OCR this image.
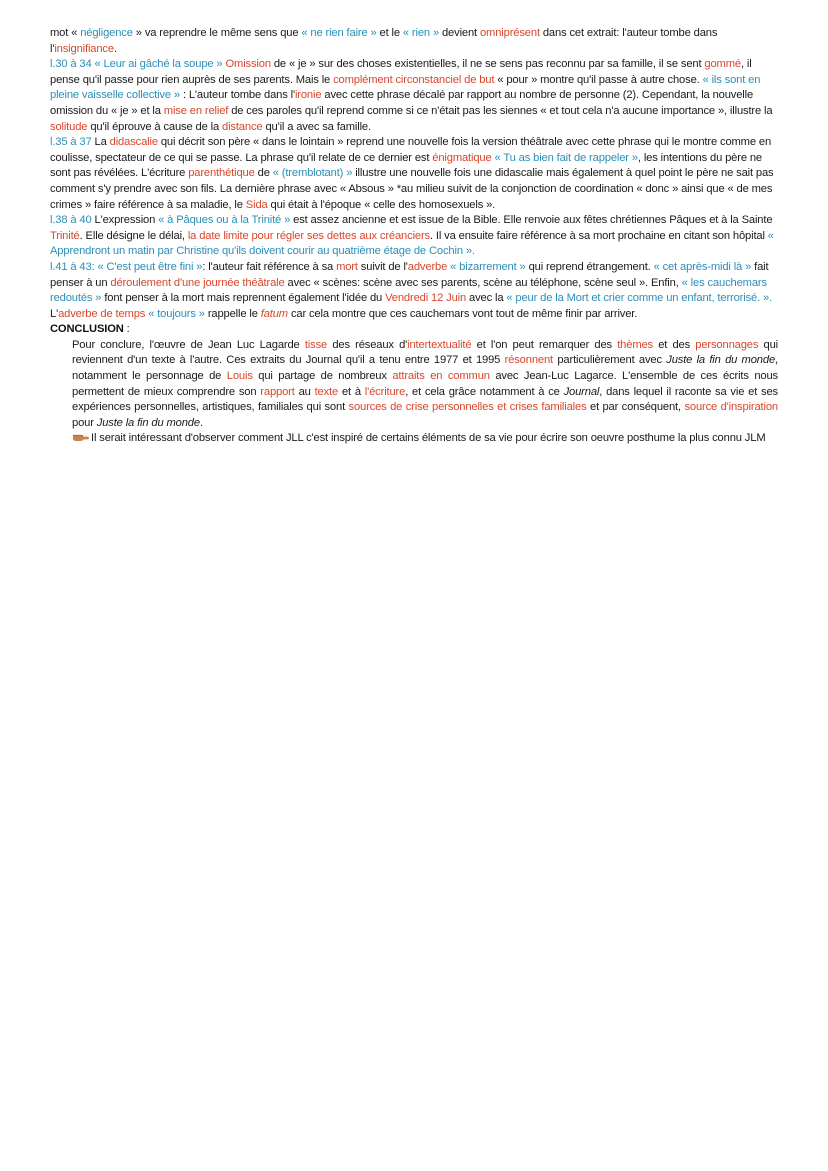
mot « négligence » va reprendre le même sens que « ne rien faire » et le « rien » devient omniprésent dans cet extrait: l'auteur tombe dans l'insignifiance.

l.30 à 34 « Leur ai gâché la soupe » Omission de « je » sur des choses existentielles, il ne se sens pas reconnu par sa famille, il se sent gommé, il pense qu'il passe pour rien auprès de ses parents. Mais le complément circonstanciel de but « pour » montre qu'il passe à autre chose. « ils sont en pleine vaisselle collective » : L'auteur tombe dans l'ironie avec cette phrase décalé par rapport au nombre de personne (2). Cependant, la nouvelle omission du « je » et la mise en relief de ces paroles qu'il reprend comme si ce n'était pas les siennes « et tout cela n'a aucune importance », illustre la solitude qu'il éprouve à cause de la distance qu'il a avec sa famille.

l.35 à 37 La didascalie qui décrit son père « dans le lointain » reprend une nouvelle fois la version théâtrale avec cette phrase qui le montre comme en coulisse, spectateur de ce qui se passe. La phrase qu'il relate de ce dernier est énigmatique « Tu as bien fait de rappeler », les intentions du père ne sont pas révélées. L'écriture parenthétique de « (tremblotant) » illustre une nouvelle fois une didascalie mais également à quel point le père ne sait pas comment s'y prendre avec son fils. La dernière phrase avec « Absous » *au milieu suivit de la conjonction de coordination « donc » ainsi que « de mes crimes » faire référence à sa maladie, le Sida qui était à l'époque « celle des homosexuels ».

l.38 à 40 L'expression « à Pâques ou à la Trinité » est assez ancienne et est issue de la Bible. Elle renvoie aux fêtes chrétiennes Pâques et à la Sainte Trinité. Elle désigne le délai, la date limite pour régler ses dettes aux créanciers. Il va ensuite faire référence à sa mort prochaine en citant son hôpital « Apprendront un matin par Christine qu'ils doivent courir au quatrième étage de Cochin ».

l.41 à 43: « C'est peut être fini »: l'auteur fait référence à sa mort suivit de l'adverbe « bizarrement » qui reprend étrangement. « cet après-midi là » fait penser à un déroulement d'une journée théâtrale avec « scènes: scène avec ses parents, scène au téléphone, scène seul ». Enfin, « les cauchemars redoutés » font penser à la mort mais reprennent également l'idée du Vendredi 12 Juin avec la « peur de la Mort et crier comme un enfant, terrorisé. ». L'adverbe de temps « toujours » rappelle le fatum car cela montre que ces cauchemars vont tout de même finir par arriver.

CONCLUSION :

Pour conclure, l'œuvre de Jean Luc Lagarde tisse des réseaux d'intertextualité et l'on peut remarquer des thèmes et des personnages qui reviennent d'un texte à l'autre. Ces extraits du Journal qu'il a tenu entre 1977 et 1995 résonnent particulièrement avec Juste la fin du monde, notamment le personnage de Louis qui partage de nombreux attraits en commun avec Jean-Luc Lagarce. L'ensemble de ces écrits nous permettent de mieux comprendre son rapport au texte et à l'écriture, et cela grâce notamment à ce Journal, dans lequel il raconte sa vie et ses expériences personnelles, artistiques, familiales qui sont sources de crise personnelles et crises familiales et par conséquent, source d'inspiration pour Juste la fin du monde.

Il serait intéressant d'observer comment JLL c'est inspiré de certains éléments de sa vie pour écrire son oeuvre posthume la plus connu JLM
